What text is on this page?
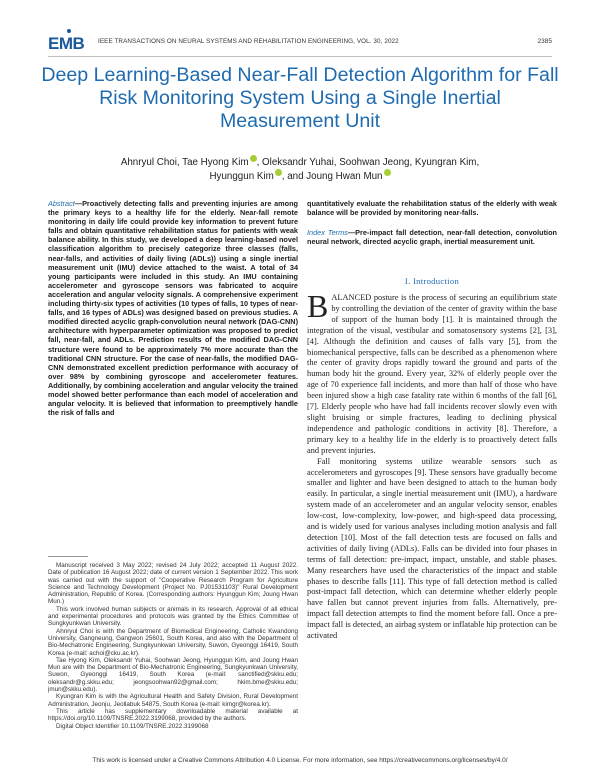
EMB IEEE TRANSACTIONS ON NEURAL SYSTEMS AND REHABILITATION ENGINEERING, VOL. 30, 2022	2385
Deep Learning-Based Near-Fall Detection Algorithm for Fall Risk Monitoring System Using a Single Inertial Measurement Unit
Ahnryul Choi, Tae Hyong Kim , Oleksandr Yuhai, Soohwan Jeong, Kyungran Kim,
Hyunggun Kim , and Joung Hwan Mun
Abstract—Proactively detecting falls and preventing injuries are among the primary keys to a healthy life for the elderly. Near-fall remote monitoring in daily life could provide key information to prevent future falls and obtain quantitative rehabilitation status for patients with weak balance ability. In this study, we developed a deep learning-based novel classification algorithm to precisely categorize three classes (falls, near-falls, and activities of daily living (ADLs)) using a single inertial measurement unit (IMU) device attached to the waist. A total of 34 young participants were included in this study. An IMU containing accelerometer and gyroscope sensors was fabricated to acquire acceleration and angular velocity signals. A comprehensive experiment including thirty-six types of activities (10 types of falls, 10 types of near-falls, and 16 types of ADLs) was designed based on previous studies. A modified directed acyclic graph-convolution neural network (DAG-CNN) architecture with hyperparameter optimization was proposed to predict fall, near-fall, and ADLs. Prediction results of the modified DAG-CNN structure were found to be approximately 7% more accurate than the traditional CNN structure. For the case of near-falls, the modified DAG-CNN demonstrated excellent prediction performance with accuracy of over 98% by combining gyroscope and accelerometer features. Additionally, by combining acceleration and angular velocity the trained model showed better performance than each model of acceleration and angular velocity. It is believed that information to preemptively handle the risk of falls and
quantitatively evaluate the rehabilitation status of the elderly with weak balance will be provided by monitoring near-falls.
Index Terms—Pre-impact fall detection, near-fall detection, convolution neural network, directed acyclic graph, inertial measurement unit.

Manuscript received 3 May 2022; revised 24 July 2022; accepted 11 August 2022. Date of publication 16 August 2022; date of current version 1 September 2022. This work was carried out with the support of "Cooperative Research Program for Agriculture Science and Technology Development (Project No. PJ01531103)" Rural Development Administration, Republic of Korea. (Corresponding authors: Hyunggun Kim; Joung Hwan Mun.)

This work involved human subjects or animals in its research. Approval of all ethical and experimental procedures and protocols was granted by the Ethics Committee of Sungkyunkwan University.

Ahnryul Choi is with the Department of Biomedical Engineering, Catholic Kwandong University, Gangneung, Gangwon 25601, South Korea, and also with the Department of Bio-Mechatronic Engineering, Sungkyunkwan University, Suwon, Gyeonggi 16419, South Korea (e-mail: achoi@cku.ac.kr).

Tae Hyong Kim, Oleksandr Yuhai, Soohwan Jeong, Hyunggun Kim, and Joung Hwan Mun are with the Department of Bio-Mechatronic Engineering, Sungkyunkwan University, Suwon, Gyeonggi 16419, South Korea (e-mail: sanctified@skku.edu; oleksandr@g.skku.edu; jeongsoohwan92@gmail.com; hkim.bme@skku.edu; jmun@skku.edu).

Kyungran Kim is with the Agricultural Health and Safety Division, Rural Development Administration, Jeonju, Jeollabuk 54875, South Korea (e-mail: kimgr@korea.kr).

This article has supplementary downloadable material available at https://doi.org/10.1109/TNSRE.2022.3199068, provided by the authors.

Digital Object Identifier 10.1109/TNSRE.2022.3199068

I. Introduction

BALANCED posture is the process of securing an equilibrium state by controlling the deviation of the center of gravity within the base of support of the human body [1]. It is maintained through the integration of the visual, vestibular and somatosensory systems [2], [3], [4]. Although the definition and causes of falls vary [5], from the biomechanical perspective, falls can be described as a phenomenon where the center of gravity drops rapidly toward the ground and parts of the human body hit the ground. Every year, 32% of elderly people over the age of 70 experience fall incidents, and more than half of those who have been injured show a high case fatality rate within 6 months of the fall [6], [7]. Elderly people who have had fall incidents recover slowly even with slight bruising or simple fractures, leading to declining physical independence and pathologic conditions in activity [8]. Therefore, a primary key to a healthy life in the elderly is to proactively detect falls and prevent injuries.

Fall monitoring systems utilize wearable sensors such as accelerometers and gyroscopes [9]. These sensors have gradually become smaller and lighter and have been designed to attach to the human body easily. In particular, a single inertial measurement unit (IMU), a hardware system made of an accelerometer and an angular velocity sensor, enables low-cost, low-complexity, low-power, and high-speed data processing, and is widely used for various analyses including motion analysis and fall detection [10]. Most of the fall detection tests are focused on falls and activities of daily living (ADLs). Falls can be divided into four phases in terms of fall detection: pre-impact, impact, unstable, and stable phases. Many researchers have used the characteristics of the impact and stable phases to describe falls [11]. This type of fall detection method is called post-impact fall detection, which can determine whether elderly people have fallen but cannot prevent injuries from falls. Alternatively, pre-impact fall detection attempts to find the moment before fall. Once a pre-impact fall is detected, an airbag system or inflatable hip protection can be activated

This work is licensed under a Creative Commons Attribution 4.0 License. For more information, see https://creativecommons.org/licenses/by/4.0/
